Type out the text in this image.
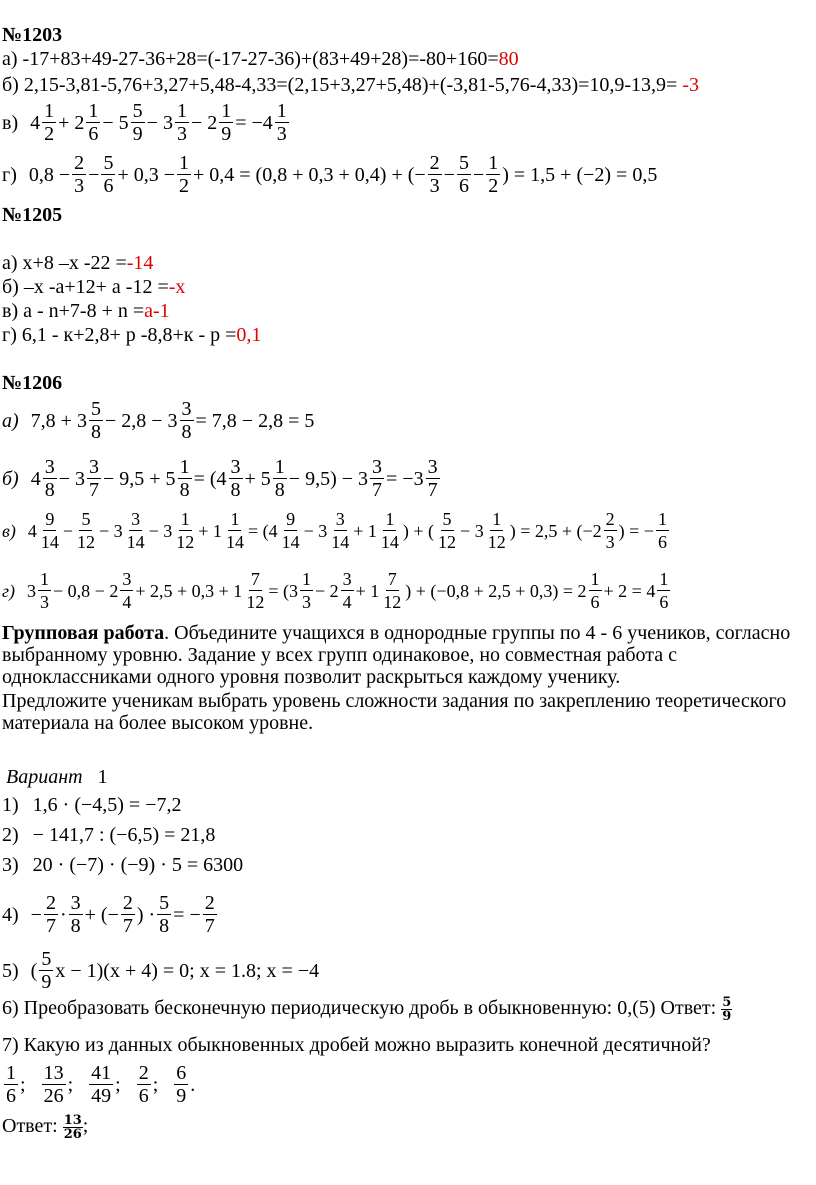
№1203
а) -17+83+49-27-36+28=(-17-27-36)+(83+49+28)=-80+160=80
б) 2,15-3,81-5,76+3,27+5,48-4,33=(2,15+3,27+5,48)+(-3,81-5,76-4,33)=10,9-13,9= -3
в) $4 \frac{1}{2} + 2 \frac{1}{6} - 5 \frac{5}{9} - 3 \frac{1}{3} - 2 \frac{1}{9} = -4 \frac{1}{3}$
г) $0,8 - \frac{2}{3} - \frac{5}{6} + 0,3 - \frac{1}{2} + 0,4 = (0,8 + 0,3 + 0,4)$ + (− $\frac{2}{3} - \frac{5}{6} - \frac{1}{2}$ ) = 1,5 + (−2) = 0,5
№1205
а) х+8 –х -22 =-14
б) –х -а+12+ а -12 =-х
в) а - n+7-8 + n =а-1
г) 6,1 - к+2,8+ р -8,8+к - р =0,1
№1206
а) $7,8 + 3 \frac{5}{8} - 2,8 - 3 \frac{3}{8} = 7,8 - 2,8 = 5$
б) $4 \frac{3}{8} - 3 \frac{3}{7} - 9,5 + 5 \frac{1}{8} = (4 \frac{3}{8} + 5 \frac{1}{8} - 9,5) - 3 \frac{3}{7} = -3 \frac{3}{7}$
в) $4 \frac{9}{14} - \frac{5}{12} - 3 \frac{3}{14} - 3 \frac{1}{12} + 1 \frac{1}{14} = (4 \frac{9}{14} - 3 \frac{3}{14} + 1 \frac{1}{14}$ ) + ( $\frac{5}{12} - 3 \frac{1}{12}$ ) = $2,5 + (-2 \frac{2}{3}$ ) = − $\frac{1}{6}$
г) $3 \frac{1}{3} - 0,8 - 2 \frac{3}{4} + 2,5 + 0,3 + 1 \frac{7}{12} = (3 \frac{1}{3} - 2 \frac{3}{4} + 1 \frac{7}{12}$ ) + $(-0,8 + 2,5 + 0,3) = 2 \frac{1}{6} + 2 = 4 \frac{1}{6}$
Групповая работа. Объедините учащихся в однородные группы по 4 - 6 учеников, согласно выбранному уровню. Задание у всех групп одинаковое, но совместная работа с одноклассниками одного уровня позволит раскрыться каждому ученику.
Предложите ученикам выбрать уровень сложности задания по закреплению теоретического материала на более высоком уровне.
Вариант 1
1) 1,6 · (−4,5) = −7,2
2) − 141,7 : (−6,5) = 21,8
3) 20 · (−7) · (−9) · 5 = 6300
$4) - \frac{2}{7} \cdot \frac{3}{8}$ + (− $\frac{2}{7}$ ) · $\frac{5}{8}$ = − $\frac{2}{7}$
5) ( $\frac{5}{9}$ x − 1)(x + 4) = 0; x = 1.8; x = −4
6) Преобразовать бесконечную периодическую дробь в обыкновенную: 0,(5) Ответ: $\frac{5}{9}$
7) Какую из данных обыкновенных дробей можно выразить конечной десятичной?
$\frac{1}{6}$ ; $\frac{13}{26}$ ; $\frac{41}{49}$ ; $\frac{2}{6}$ ; $\frac{6}{9}$ .
Ответ: $\frac{13}{26}$ ;
